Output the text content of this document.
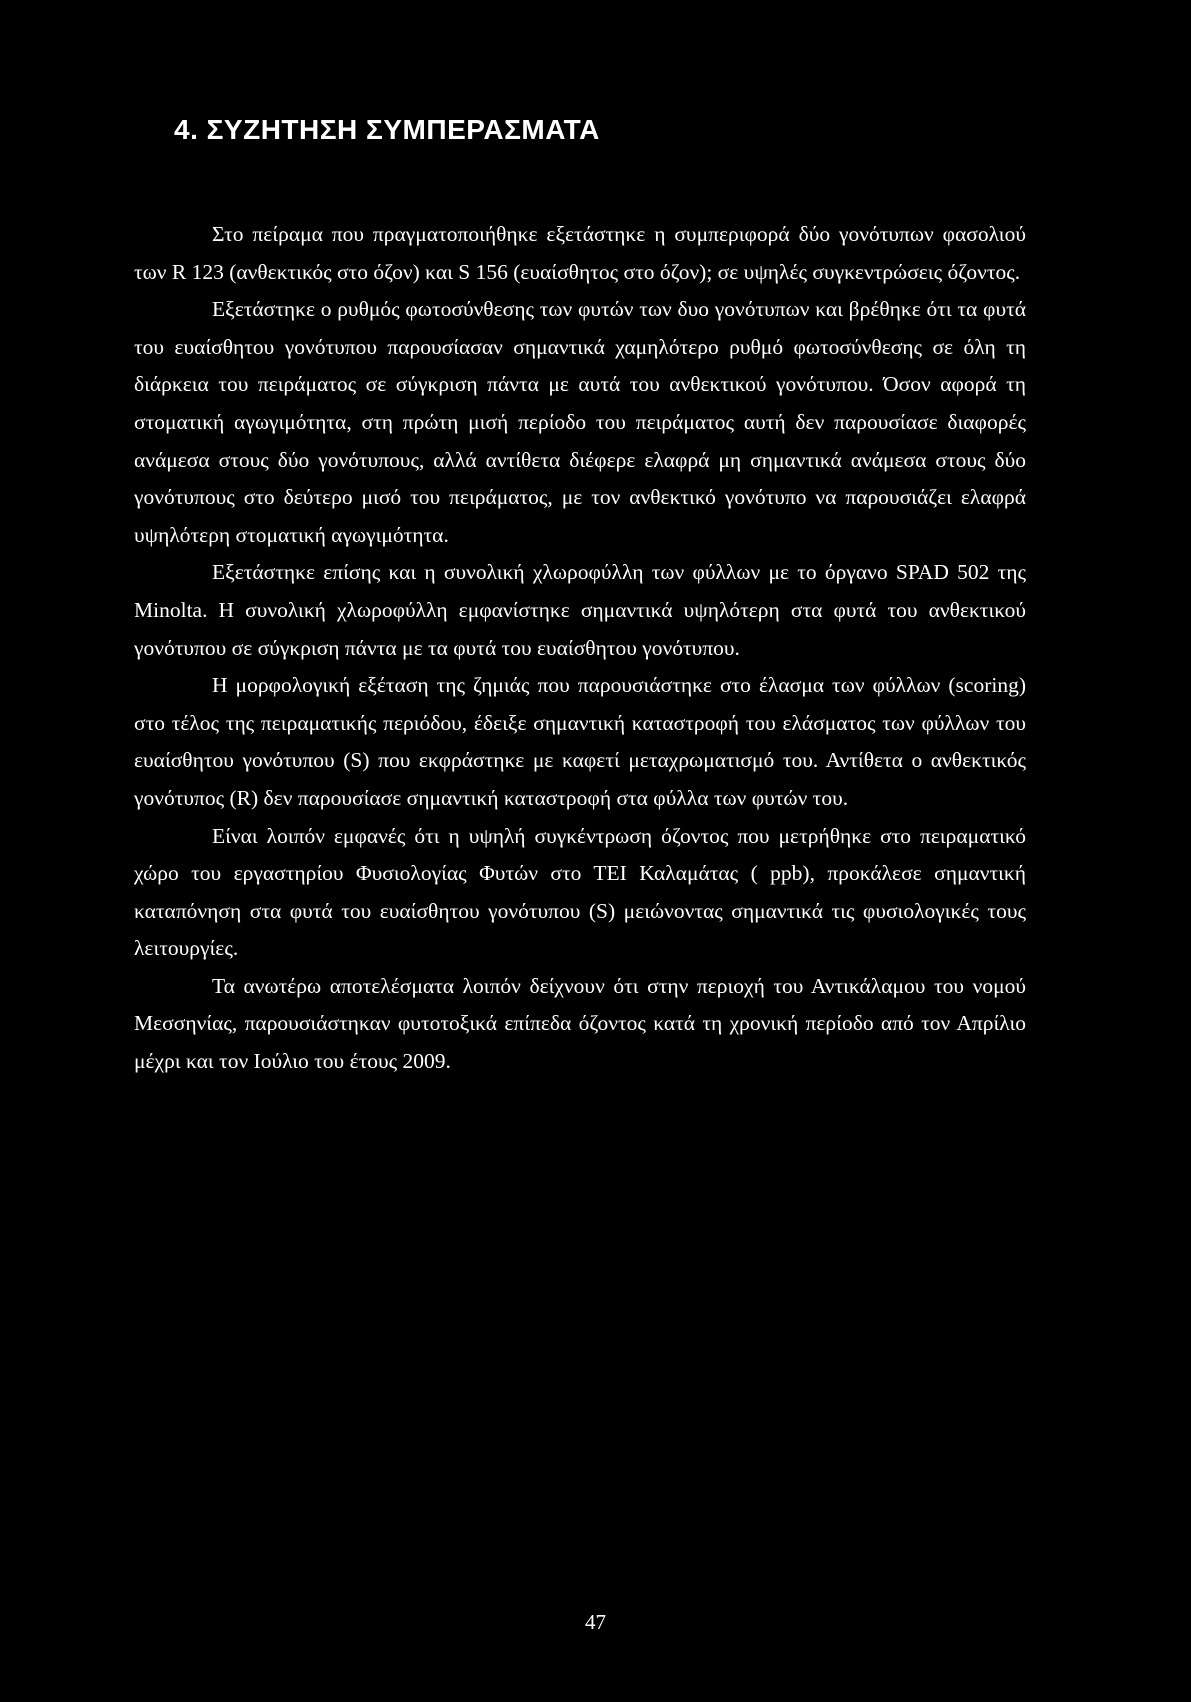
4. ΣΥΖΗΤΗΣΗ ΣΥΜΠΕΡΑΣΜΑΤΑ

Στο πείραμα που πραγματοποιήθηκε εξετάστηκε η συμπεριφορά δύο γονότυπων φασολιού των R 123 (ανθεκτικός στο όζον) και S 156 (ευαίσθητος στο όζον); σε υψηλές συγκεντρώσεις όζοντος.

Εξετάστηκε ο ρυθμός φωτοσύνθεσης των φυτών των δυο γονότυπων και βρέθηκε ότι τα φυτά του ευαίσθητου γονότυπου παρουσίασαν σημαντικά χαμηλότερο ρυθμό φωτοσύνθεσης σε όλη τη διάρκεια του πειράματος σε σύγκριση πάντα με αυτά του ανθεκτικού γονότυπου. Όσον αφορά τη στοματική αγωγιμότητα, στη πρώτη μισή περίοδο του πειράματος αυτή δεν παρουσίασε διαφορές ανάμεσα στους δύο γονότυπους, αλλά αντίθετα διέφερε ελαφρά μη σημαντικά ανάμεσα στους δύο γονότυπους στο δεύτερο μισό του πειράματος, με τον ανθεκτικό γονότυπο να παρουσιάζει ελαφρά υψηλότερη στοματική αγωγιμότητα.

Εξετάστηκε επίσης και η συνολική χλωροφύλλη των φύλλων με το όργανο SPAD 502 της Minolta. Η συνολική χλωροφύλλη εμφανίστηκε σημαντικά υψηλότερη στα φυτά του ανθεκτικού γονότυπου σε σύγκριση πάντα με τα φυτά του ευαίσθητου γονότυπου.

Η μορφολογική εξέταση της ζημιάς που παρουσιάστηκε στο έλασμα των φύλλων (scoring) στο τέλος της πειραματικής περιόδου, έδειξε σημαντική καταστροφή του ελάσματος των φύλλων του ευαίσθητου γονότυπου (S) που εκφράστηκε με καφετί μεταχρωματισμό του. Αντίθετα ο ανθεκτικός γονότυπος (R) δεν παρουσίασε σημαντική καταστροφή στα φύλλα των φυτών του.

Είναι λοιπόν εμφανές ότι η υψηλή συγκέντρωση όζοντος που μετρήθηκε στο πειραματικό χώρο του εργαστηρίου Φυσιολογίας Φυτών στο ΤΕΙ Καλαμάτας ( ppb), προκάλεσε σημαντική καταπόνηση στα φυτά του ευαίσθητου γονότυπου (S) μειώνοντας σημαντικά τις φυσιολογικές τους λειτουργίες.

Τα ανωτέρω αποτελέσματα λοιπόν δείχνουν ότι στην περιοχή του Αντικάλαμου του νομού Μεσσηνίας, παρουσιάστηκαν φυτοτοξικά επίπεδα όζοντος κατά τη χρονική περίοδο από τον Απρίλιο μέχρι και τον Ιούλιο του έτους 2009.

47
